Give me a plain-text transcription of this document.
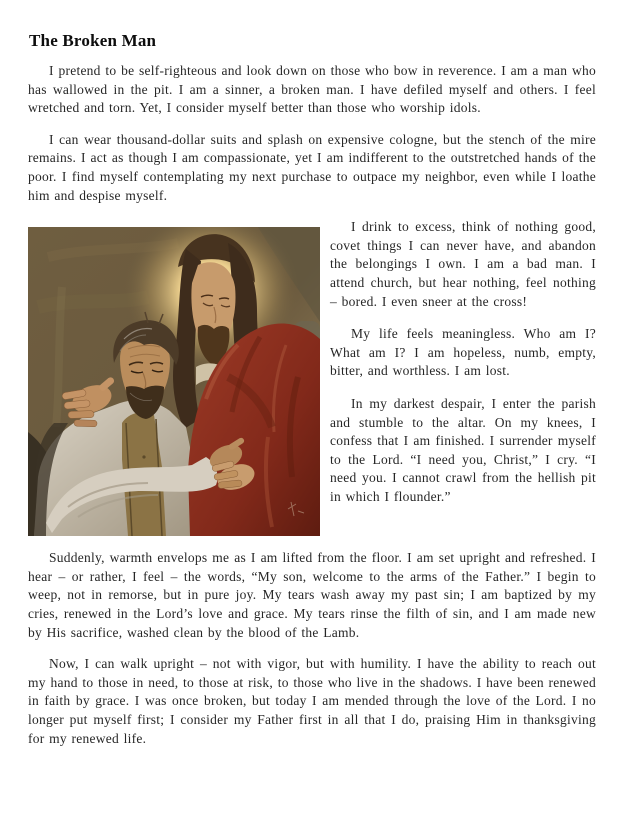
The Broken Man

I pretend to be self-righteous and look down on those who bow in reverence. I am a man who has wallowed in the pit. I am a sinner, a broken man. I have defiled myself and others. I feel wretched and torn. Yet, I consider myself better than those who worship idols.

I can wear thousand-dollar suits and splash on expensive cologne, but the stench of the mire remains. I act as though I am compassionate, yet I am indifferent to the outstretched hands of the poor. I find myself contemplating my next purchase to outpace my neighbor, even while I loathe him and despise myself.

I drink to excess, think of nothing good, covet things I can never have, and abandon the belongings I own. I am a bad man. I attend church, but hear nothing, feel nothing – bored. I even sneer at the cross!

My life feels meaningless. Who am I? What am I? I am hopeless, numb, empty, bitter, and worthless. I am lost.

In my darkest despair, I enter the parish and stumble to the altar. On my knees, I confess that I am finished. I surrender myself to the Lord. “I need you, Christ,” I cry. “I need you. I cannot crawl from the hellish pit in which I flounder.”

Suddenly, warmth envelops me as I am lifted from the floor. I am set upright and refreshed. I hear – or rather, I feel – the words, “My son, welcome to the arms of the Father.” I begin to weep, not in remorse, but in pure joy. My tears wash away my past sin; I am baptized by my cries, renewed in the Lord’s love and grace. My tears rinse the filth of sin, and I am made new by His sacrifice, washed clean by the blood of the Lamb.

Now, I can walk upright – not with vigor, but with humility. I have the ability to reach out my hand to those in need, to those at risk, to those who live in the shadows. I have been renewed in faith by grace. I was once broken, but today I am mended through the love of the Lord. I no longer put myself first; I consider my Father first in all that I do, praising Him in thanksgiving for my renewed life.
